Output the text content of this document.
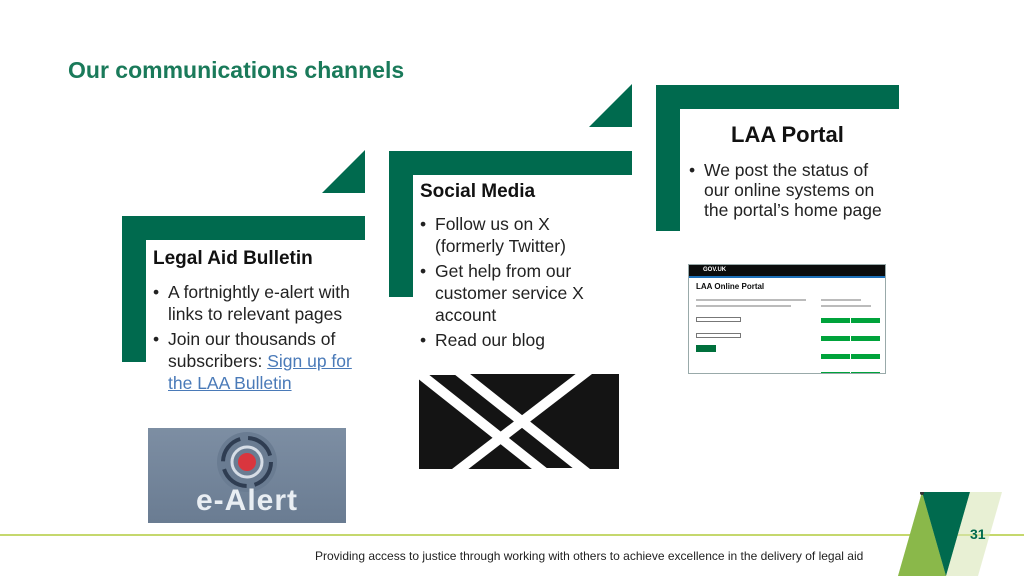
Our communications channels
Legal Aid Bulletin
• A fortnightly e-alert with links to relevant pages
• Join our thousands of subscribers: Sign up for the LAA Bulletin
e-Alert
Social Media
• Follow us on X (formerly Twitter)
• Get help from our customer service X account
• Read our blog
LAA Portal
• We post the status of our online systems on the portal’s home page
GOV.UK
LAA Online Portal

31
Providing access to justice through working with others to achieve excellence in the delivery of legal aid
